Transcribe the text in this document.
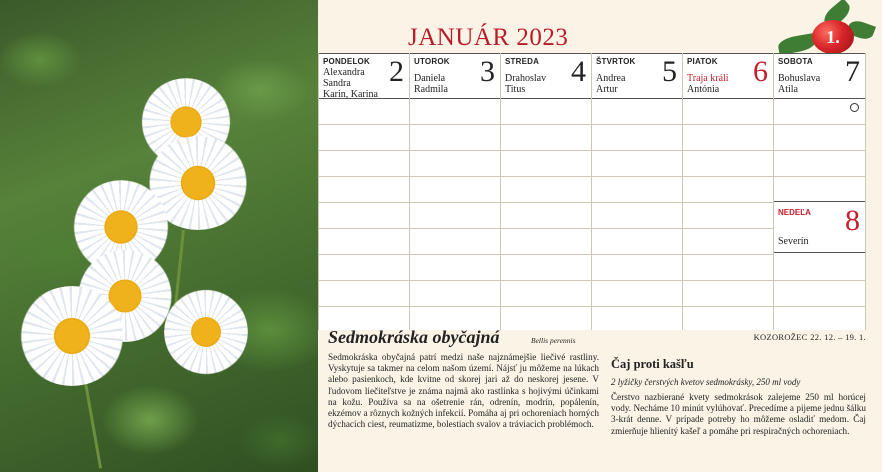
JANUÁR 2023	1.
PONDELOK 2
Alexandra
Sandra
Karin, Karina
UTOROK 3
Daniela
Radmila
STREDA 4
Drahoslav
Titus
ŠTVRTOK 5
Andrea
Artur
PIATOK 6
Traja králi
Antónia
SOBOTA 7
Bohuslava
Atila
NEDEĽA 8
Severín
Sedmokráska obyčajná	Bellis perennis	KOZOROŽEC 22. 12. – 19. 1.
Sedmokráska obyčajná patrí medzi naše najznámejšie liečivé rastliny. Vyskytuje sa takmer na celom našom území. Nájsť ju môžeme na lúkach alebo pasienkoch, kde kvitne od skorej jari až do neskorej jesene. V ľudovom liečiteľstve je známa najmä ako rastlinka s hojivými účinkami na kožu. Používa sa na ošetrenie rán, odrenín, modrín, popálenín, ekzémov a rôznych kožných infekcií. Pomáha aj pri ochoreniach horných dýchacích ciest, reumatizme, bolestiach svalov a tráviacich problémoch.
Čaj proti kašľu
2 lyžičky čerstvých kvetov sedmokrásky, 250 ml vody
Čerstvo nazbierané kvety sedmokrások zalejeme 250 ml horúcej vody. Necháme 10 minút vylúhovať. Precedíme a pijeme jednu šálku 3-krát denne. V prípade potreby ho môžeme osladiť medom. Čaj zmierňuje hlienitý kašeľ a pomáhe pri respiračných ochoreniach.
